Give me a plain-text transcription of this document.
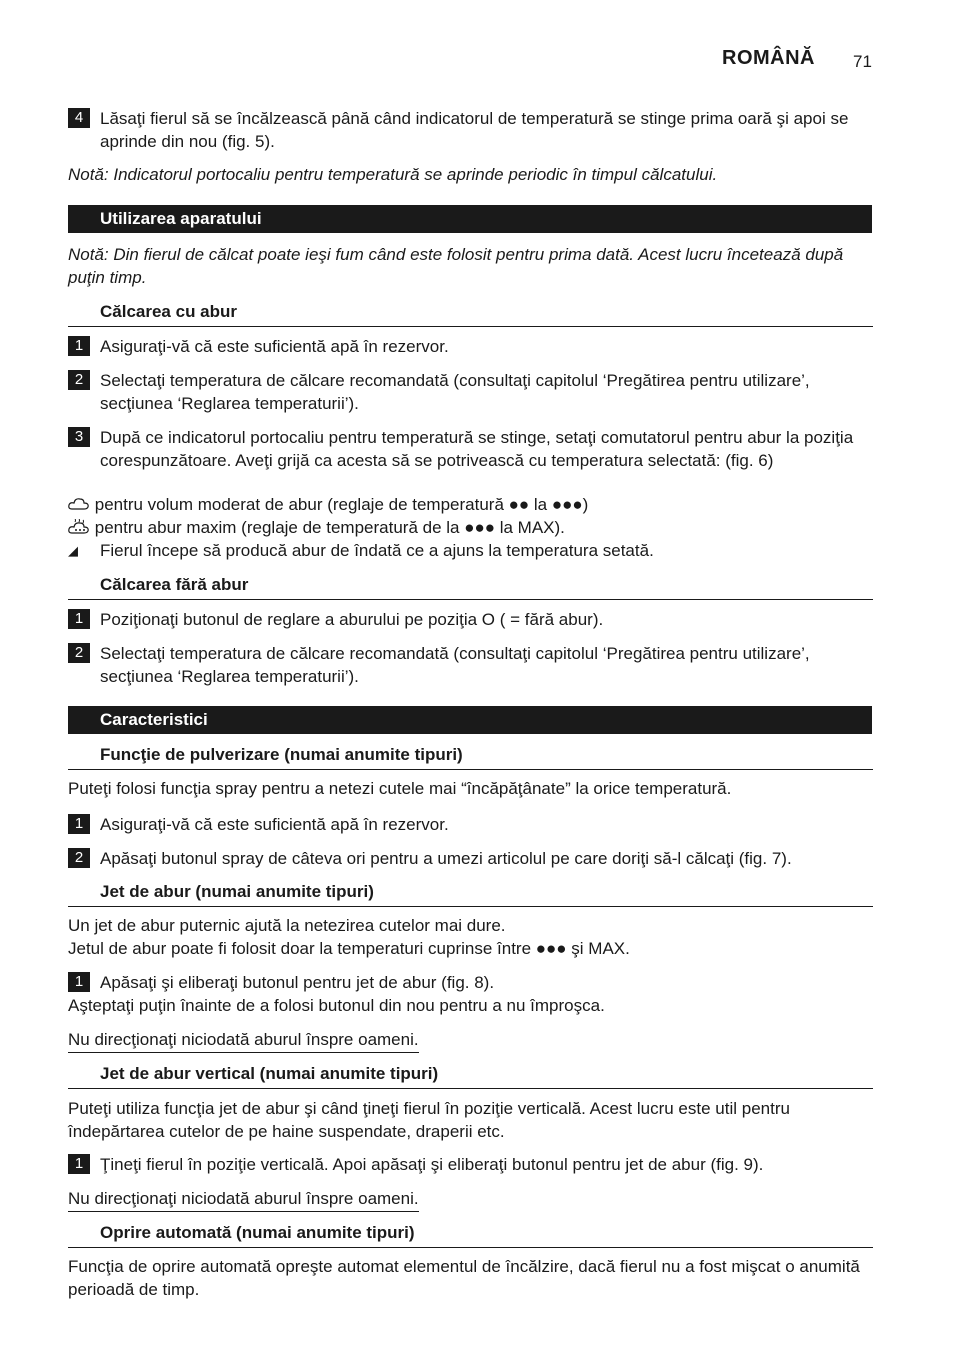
ROMÂNĂ 71
4 Lăsaţi fierul să se încălzească până când indicatorul de temperatură se stinge prima oară şi apoi se aprinde din nou (fig. 5).
Notă: Indicatorul portocaliu pentru temperatură se aprinde periodic în timpul călcatului.
Utilizarea aparatului
Notă: Din fierul de călcat poate ieşi fum când este folosit pentru prima dată. Acest lucru încetează după puţin timp.
Călcarea cu abur
1 Asiguraţi-vă că este suficientă apă în rezervor.
2 Selectaţi temperatura de călcare recomandată (consultaţi capitolul ‘Pregătirea pentru utilizare’, secţiunea ‘Reglarea temperaturii’).
3 După ce indicatorul portocaliu pentru temperatură se stinge, setaţi comutatorul pentru abur la poziţia corespunzătoare. Aveţi grijă ca acesta să se potrivească cu temperatura selectată: (fig. 6)
pentru volum moderat de abur (reglaje de temperatură ●● la ●●●)
pentru abur maxim (reglaje de temperatură de la ●●● la MAX).
◢ Fierul începe să producă abur de îndată ce a ajuns la temperatura setată.
Călcarea fără abur
1 Poziţionaţi butonul de reglare a aburului pe poziţia O ( = fără abur).
2 Selectaţi temperatura de călcare recomandată (consultaţi capitolul ‘Pregătirea pentru utilizare’, secţiunea ‘Reglarea temperaturii’).
Caracteristici
Funcţie de pulverizare (numai anumite tipuri)
Puteţi folosi funcţia spray pentru a netezi cutele mai “încăpăţânate” la orice temperatură.
1 Asiguraţi-vă că este suficientă apă în rezervor.
2 Apăsaţi butonul spray de câteva ori pentru a umezi articolul pe care doriţi să-l călcaţi (fig. 7).
Jet de abur (numai anumite tipuri)
Un jet de abur puternic ajută la netezirea cutelor mai dure.
Jetul de abur poate fi folosit doar la temperaturi cuprinse între ●●● şi MAX.
1 Apăsaţi şi eliberaţi butonul pentru jet de abur (fig. 8).
Aşteptaţi puţin înainte de a folosi butonul din nou pentru a nu împroşca.
Nu direcţionaţi niciodată aburul înspre oameni.
Jet de abur vertical (numai anumite tipuri)
Puteţi utiliza funcţia jet de abur şi când ţineţi fierul în poziţie verticală. Acest lucru este util pentru îndepărtarea cutelor de pe haine suspendate, draperii etc.
1 Ţineţi fierul în poziţie verticală. Apoi apăsaţi şi eliberaţi butonul pentru jet de abur (fig. 9).
Nu direcţionaţi niciodată aburul înspre oameni.
Oprire automată (numai anumite tipuri)
Funcţia de oprire automată opreşte automat elementul de încălzire, dacă fierul nu a fost mişcat o anumită perioadă de timp.
